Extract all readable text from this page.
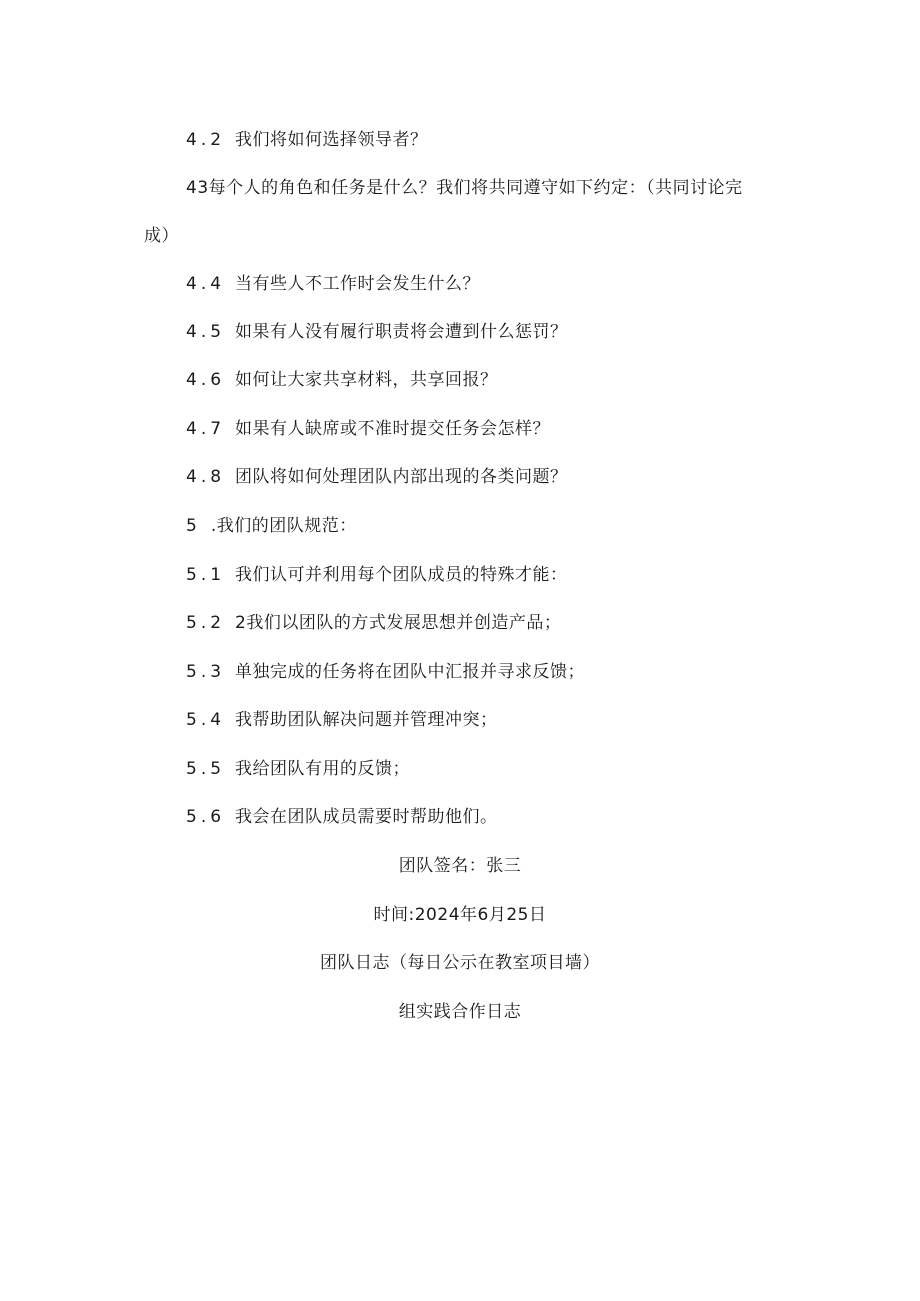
4.2 我们将如何选择领导者？
43每个人的角色和任务是什么？我们将共同遵守如下约定：（共同讨论完
成）
4.4 当有些人不工作时会发生什么？
4.5 如果有人没有履行职责将会遭到什么惩罚？
4.6 如何让大家共享材料，共享回报？
4.7 如果有人缺席或不准时提交任务会怎样？
4.8 团队将如何处理团队内部出现的各类问题？
5 .我们的团队规范：
5.1 我们认可并利用每个团队成员的特殊才能：
5.2 2我们以团队的方式发展思想并创造产品；
5.3 单独完成的任务将在团队中汇报并寻求反馈；
5.4 我帮助团队解决问题并管理冲突；
5.5 我给团队有用的反馈；
5.6 我会在团队成员需要时帮助他们。
团队签名：张三
时间:2024年6月25日
团队日志（每日公示在教室项目墙）
组实践合作日志
